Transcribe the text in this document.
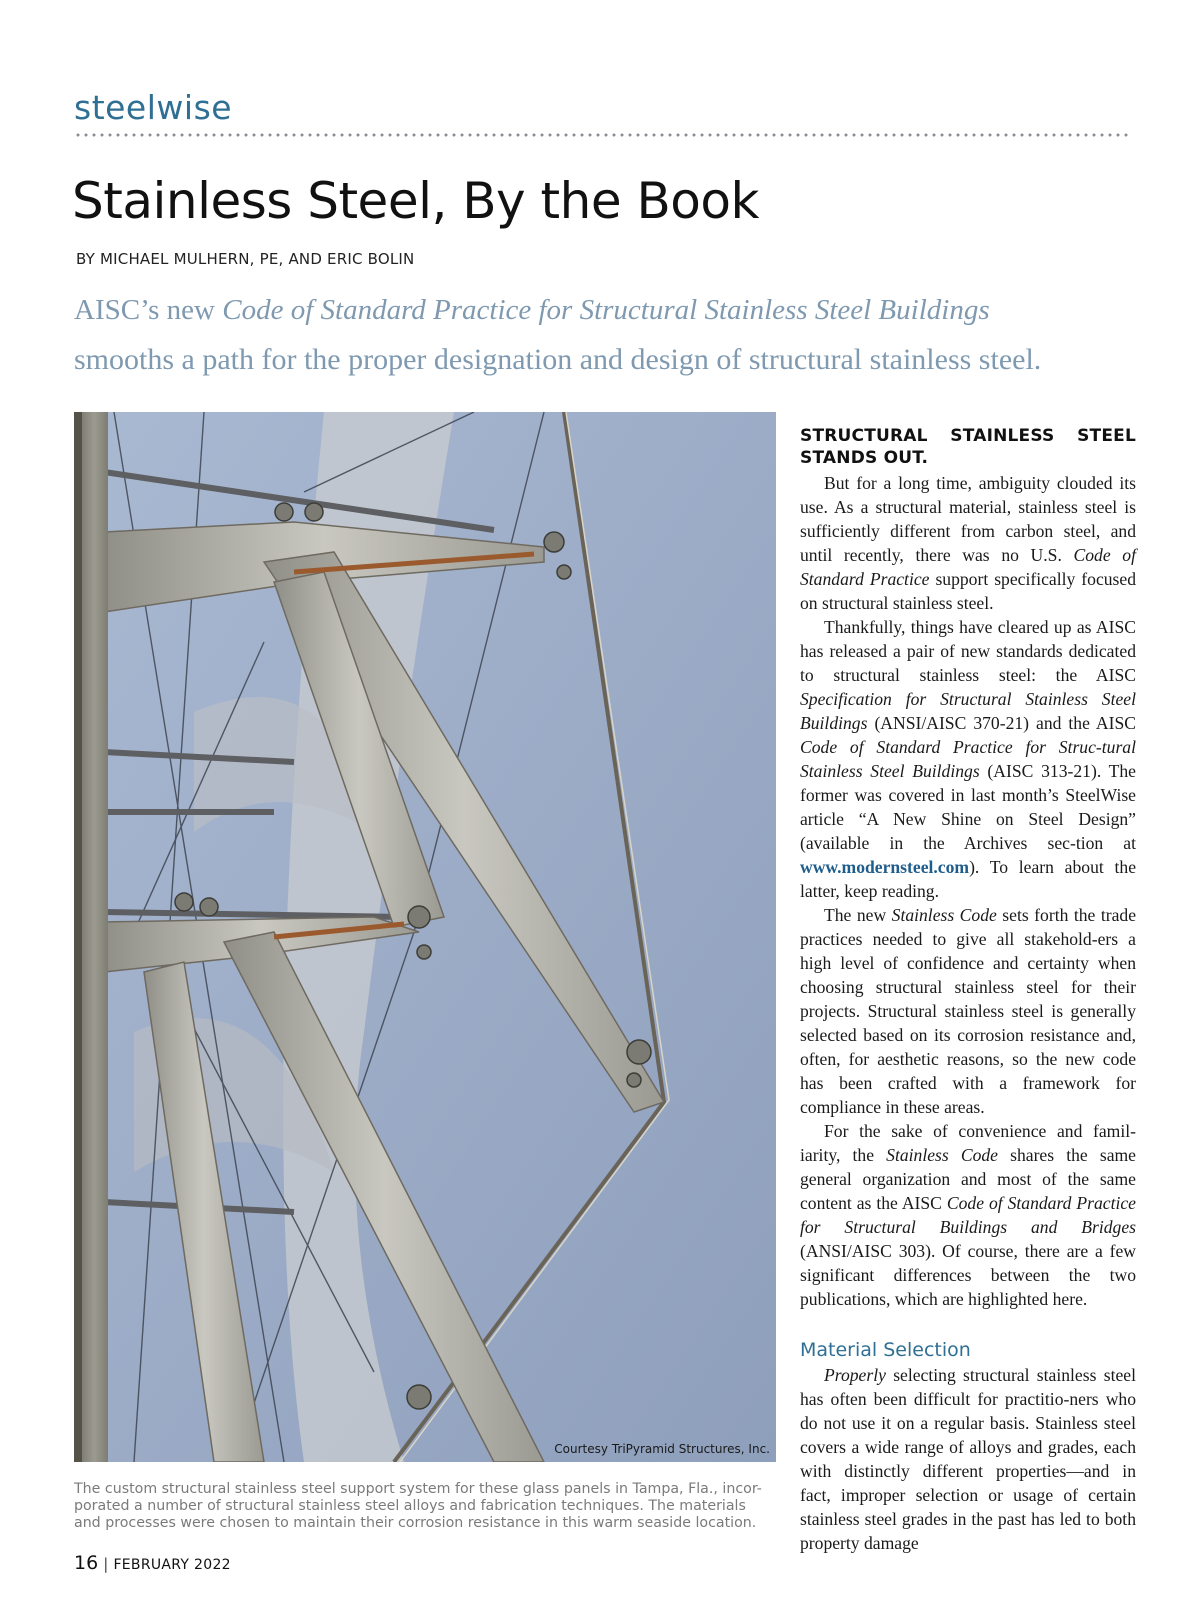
steelwise
Stainless Steel, By the Book
BY MICHAEL MULHERN, PE, AND ERIC BOLIN
AISC’s new Code of Standard Practice for Structural Stainless Steel Buildings
smooths a path for the proper designation and design of structural stainless steel.
Courtesy TriPyramid Structures, Inc.
The custom structural stainless steel support system for these glass panels in Tampa, Fla., incor-
porated a number of structural stainless steel alloys and fabrication techniques. The materials
and processes were chosen to maintain their corrosion resistance in this warm seaside location.
STRUCTURAL STAINLESS STEEL STANDS OUT.

But for a long time, ambiguity clouded its use. As a structural material, stainless steel is sufficiently different from carbon steel, and until recently, there was no U.S. Code of Standard Practice support specifically focused on structural stainless steel.

Thankfully, things have cleared up as AISC has released a pair of new standards dedicated to structural stainless steel: the AISC Specification for Structural Stainless Steel Buildings (ANSI/AISC 370-21) and the AISC Code of Standard Practice for Struc-tural Stainless Steel Buildings (AISC 313-21). The former was covered in last month’s SteelWise article “A New Shine on Steel Design” (available in the Archives sec-tion at www.modernsteel.com). To learn about the latter, keep reading.

The new Stainless Code sets forth the trade practices needed to give all stakehold-ers a high level of confidence and certainty when choosing structural stainless steel for their projects. Structural stainless steel is generally selected based on its corrosion resistance and, often, for aesthetic reasons, so the new code has been crafted with a framework for compliance in these areas.

For the sake of convenience and famil-iarity, the Stainless Code shares the same general organization and most of the same content as the AISC Code of Standard Practice for Structural Buildings and Bridges (ANSI/AISC 303). Of course, there are a few significant differences between the two publications, which are highlighted here.

Material Selection

Properly selecting structural stainless steel has often been difficult for practitio-ners who do not use it on a regular basis. Stainless steel covers a wide range of alloys and grades, each with distinctly different properties—and in fact, improper selection or usage of certain stainless steel grades in the past has led to both property damage

16 | FEBRUARY 2022
